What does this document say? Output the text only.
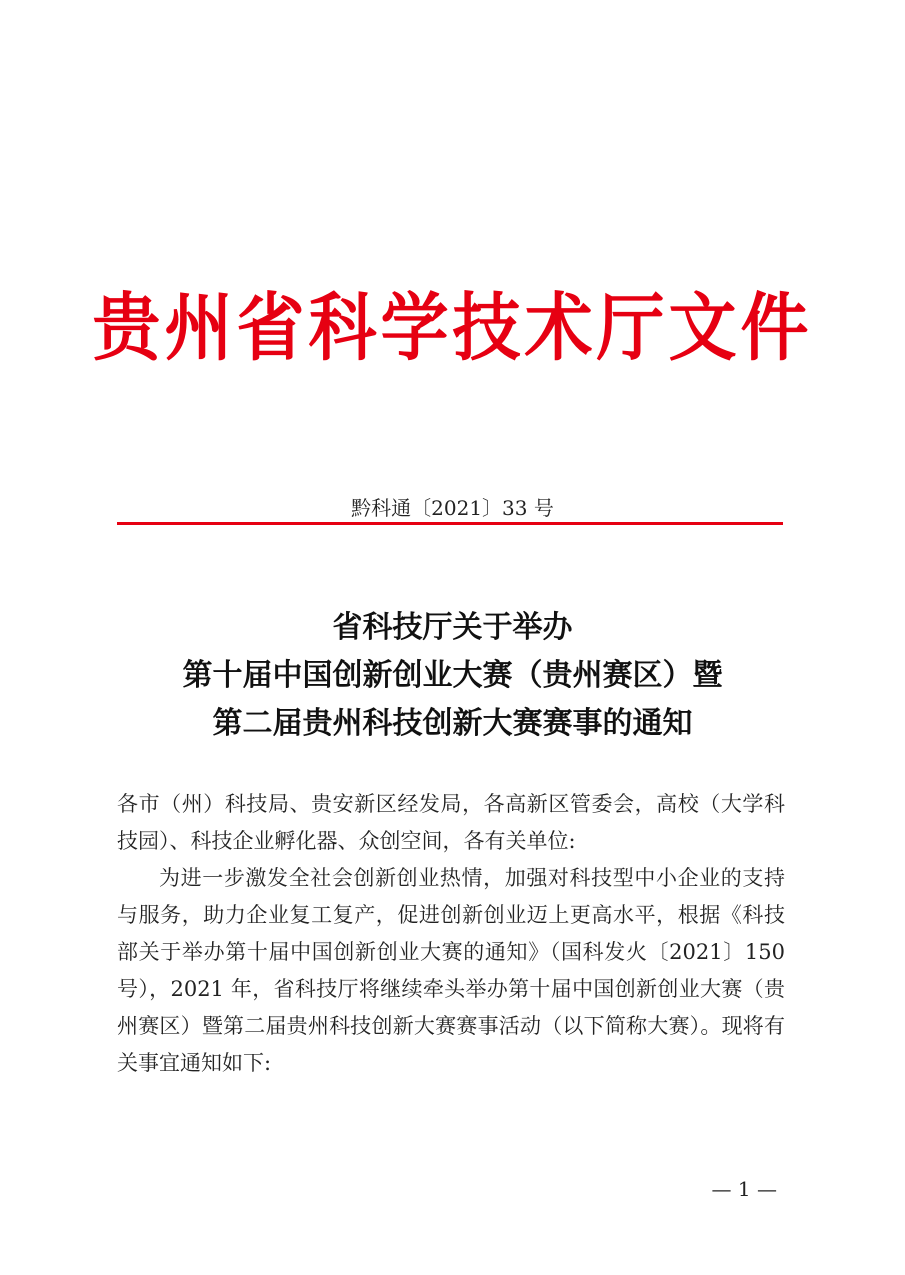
贵州省科学技术厅文件
黔科通〔2021〕33 号
省科技厅关于举办
第十届中国创新创业大赛（贵州赛区）暨
第二届贵州科技创新大赛赛事的通知

各市（州）科技局、贵安新区经发局，各高新区管委会，高校（大学科技园）、科技企业孵化器、众创空间，各有关单位:

为进一步激发全社会创新创业热情，加强对科技型中小企业的支持与服务，助力企业复工复产，促进创新创业迈上更高水平，根据《科技部关于举办第十届中国创新创业大赛的通知》（国科发火〔2021〕150 号），2021 年，省科技厅将继续牵头举办第十届中国创新创业大赛（贵州赛区）暨第二届贵州科技创新大赛赛事活动（以下简称大赛）。现将有关事宜通知如下:

— 1 —
